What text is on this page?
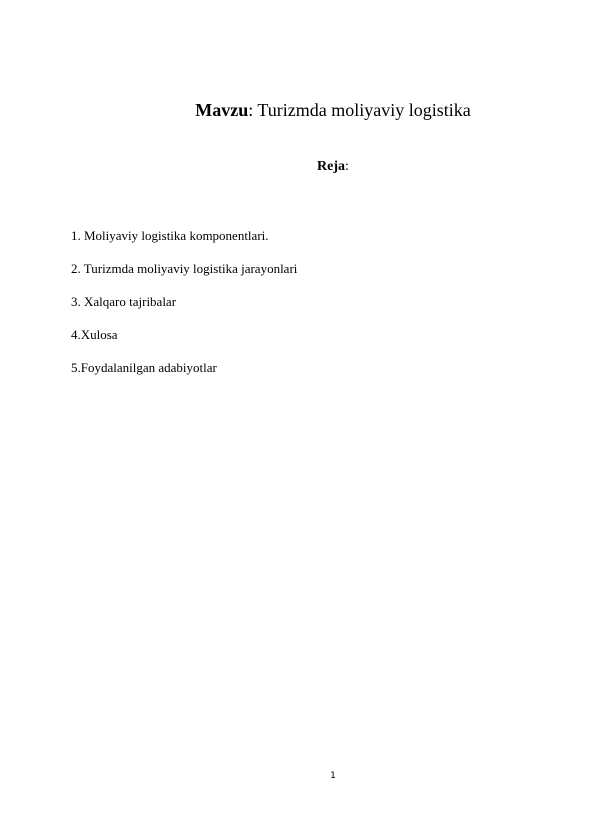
Mavzu: Turizmda moliyaviy logistika
Reja:
1. Moliyaviy logistika komponentlari.
2. Turizmda moliyaviy logistika jarayonlari
3. Xalqaro tajribalar
4.Xulosa
5.Foydalanilgan adabiyotlar
1
